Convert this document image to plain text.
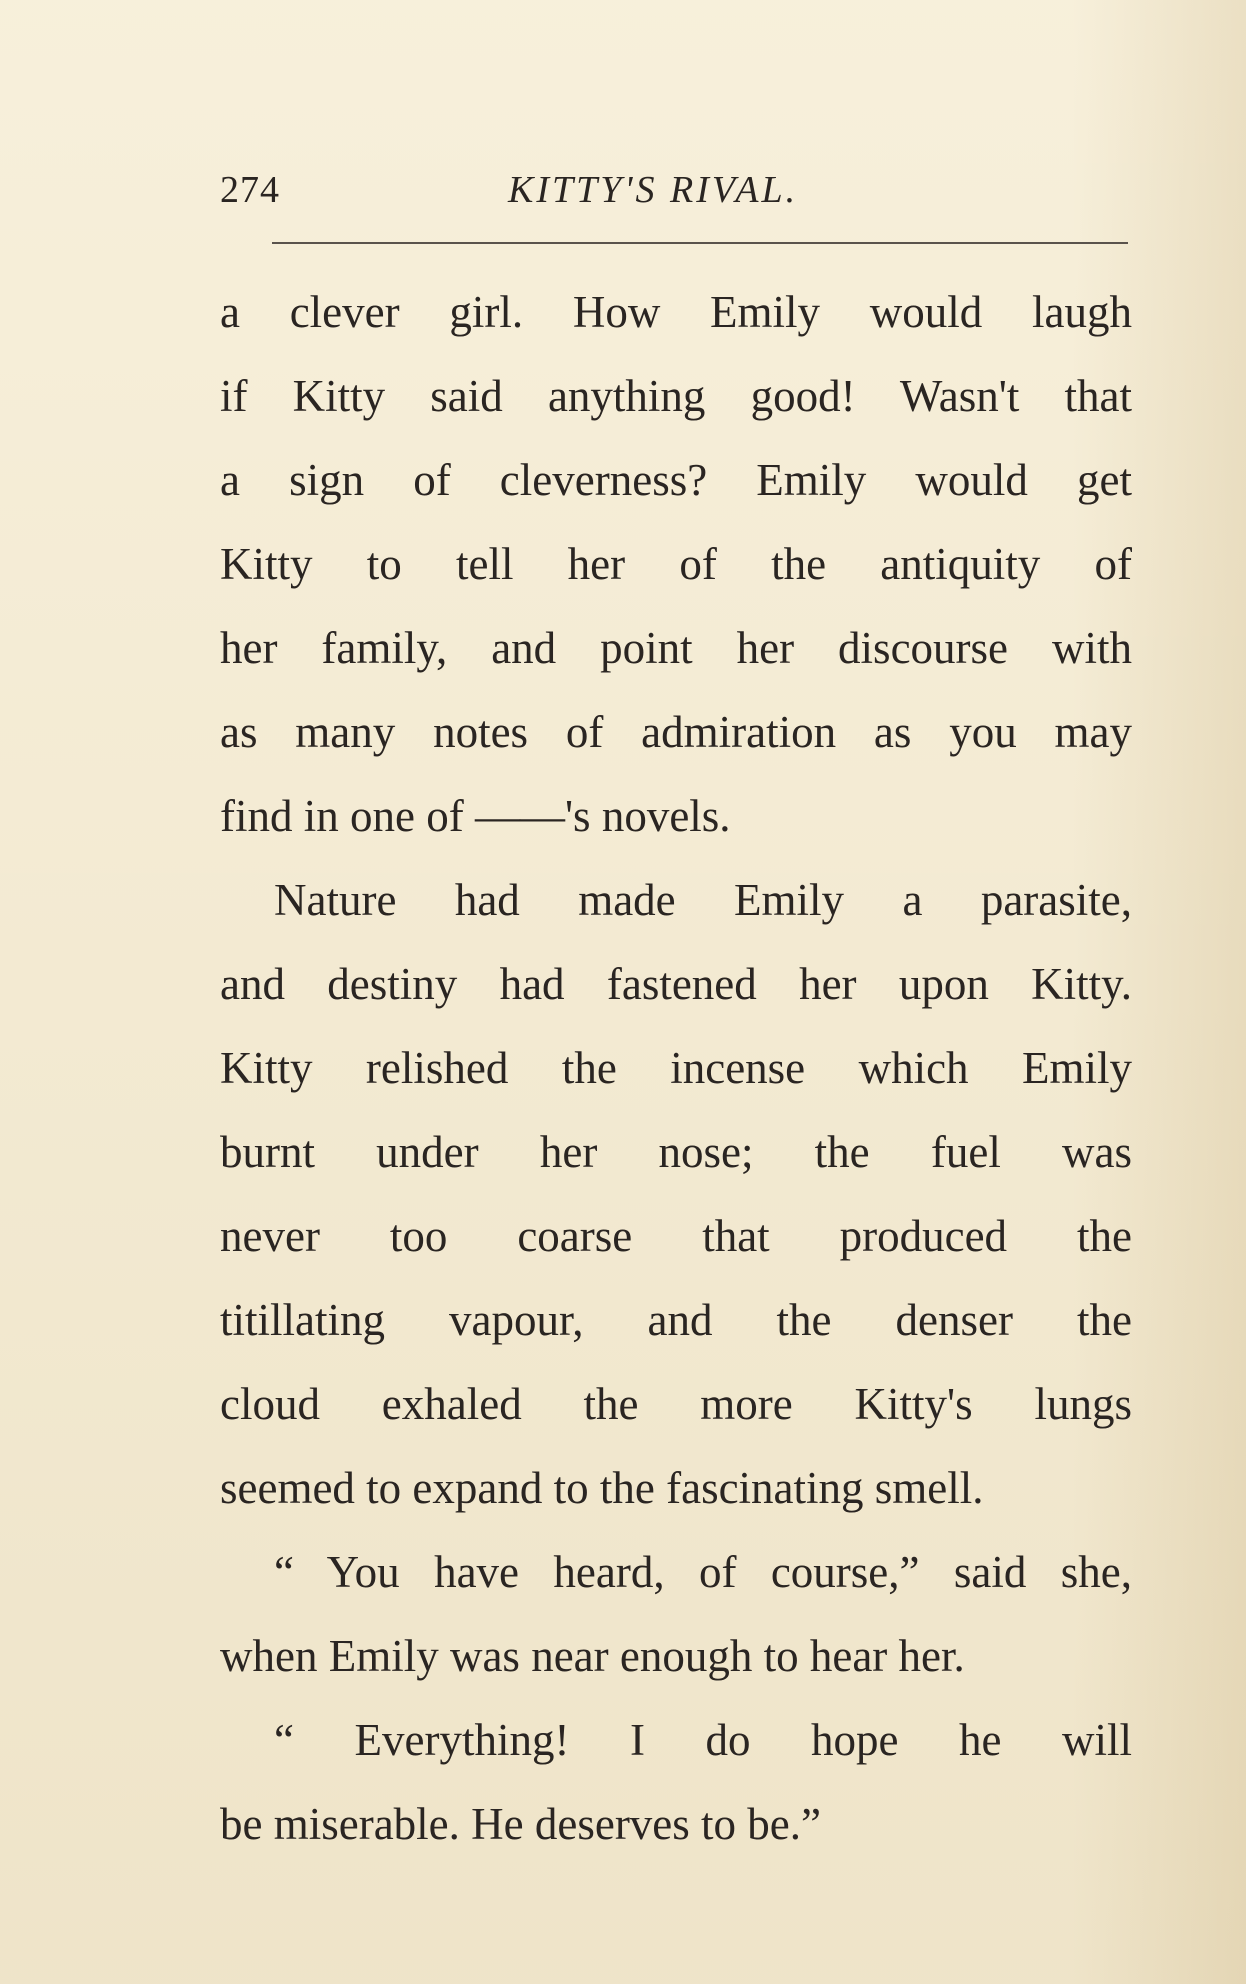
274	KITTY'S RIVAL.
a clever girl. How Emily would laugh
if Kitty said anything good! Wasn't that
a sign of cleverness? Emily would get
Kitty to tell her of the antiquity of
her family, and point her discourse with
as many notes of admiration as you may
find in one of ——'s novels.
Nature had made Emily a parasite,
and destiny had fastened her upon Kitty.
Kitty relished the incense which Emily
burnt under her nose; the fuel was
never too coarse that produced the
titillating vapour, and the denser the
cloud exhaled the more Kitty's lungs
seemed to expand to the fascinating smell.
“ You have heard, of course,” said she,
when Emily was near enough to hear her.
“ Everything! I do hope he will
be miserable. He deserves to be.”
